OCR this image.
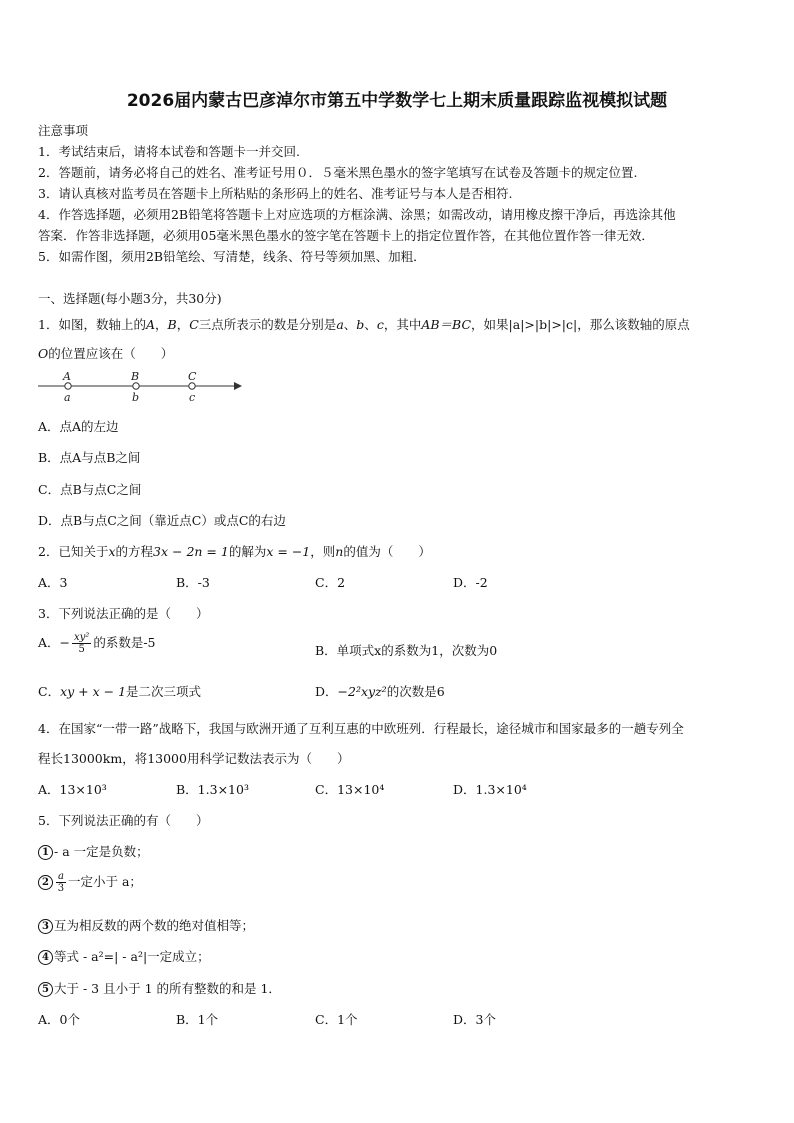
2026届内蒙古巴彦淖尔市第五中学数学七上期末质量跟踪监视模拟试题
注意事项
1．考试结束后，请将本试卷和答题卡一并交回.
2．答题前，请务必将自己的姓名、准考证号用０．５毫米黑色墨水的签字笔填写在试卷及答题卡的规定位置.
3．请认真核对监考员在答题卡上所粘贴的条形码上的姓名、准考证号与本人是否相符.
4．作答选择题，必须用2B铅笔将答题卡上对应选项的方框涂满、涂黑；如需改动，请用橡皮擦干净后，再选涂其他
答案．作答非选择题，必须用05毫米黑色墨水的签字笔在答题卡上的指定位置作答，在其他位置作答一律无效．
5．如需作图，须用2B铅笔绘、写清楚，线条、符号等须加黑、加粗．
一、选择题(每小题3分，共30分)
1．如图，数轴上的A，B，C三点所表示的数是分别是a、b、c，其中AB＝BC，如果|a|>|b|>|c|，那么该数轴的原点
O的位置应该在（　　）
A	B	C
a	b	c
A．点A的左边
B．点A与点B之间
C．点B与点C之间
D．点B与点C之间（靠近点C）或点C的右边
2．已知关于x的方程3x − 2n = 1的解为x = −1，则n的值为（　　）
A．3	B．-3	C．2	D．-2
3．下列说法正确的是（　　）
A．− $\frac{\text{xy²}}{5}$ 的系数是-5
B．单项式x的系数为1，次数为0
C．xy + x − 1是二次三项式	D．−2²xyz²的次数是6
4．在国家“一带一路”战略下，我国与欧洲开通了互利互惠的中欧班列．行程最长，途径城市和国家最多的一趟专列全
程长13000km，将13000用科学记数法表示为（　　）
A．13×10³	B．1.3×10³	C．13×10⁴	D．1.3×10⁴
5．下列说法正确的有（　　）
1 - a 一定是负数；
$2 \frac{a}{3}$ 一定小于 a；
3 互为相反数的两个数的绝对值相等；
4 等式 - a²=| - a²|一定成立；
5 大于 - 3 且小于 1 的所有整数的和是 1．
A．0个	B．1个	C．1个	D．3个
